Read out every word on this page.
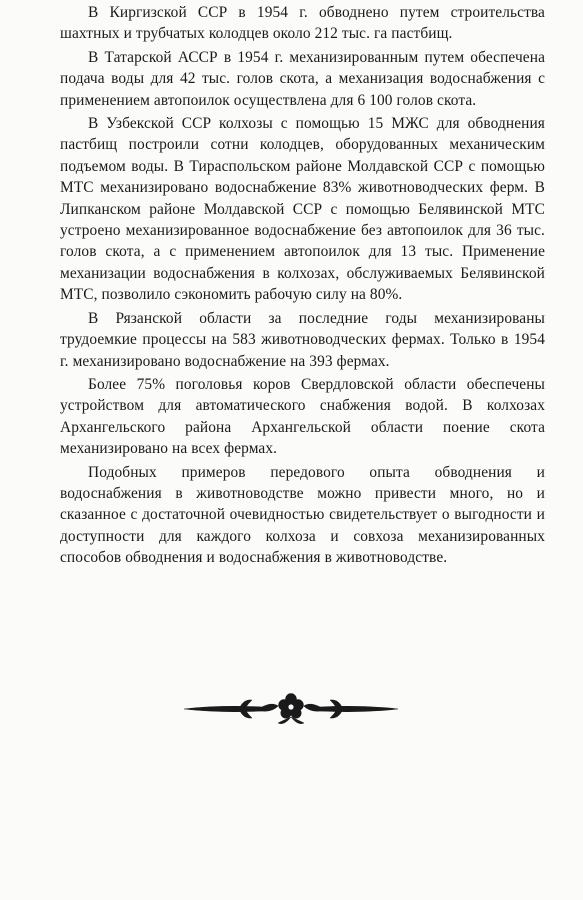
В Киргизской ССР в 1954 г. обводнено путем строительства шахтных и трубчатых колодцев около 212 тыс. га пастбищ.

В Татарской АССР в 1954 г. механизированным путем обеспечена подача воды для 42 тыс. голов скота, а механизация водоснабжения с применением автопоилок осуществлена для 6 100 голов скота.

В Узбекской ССР колхозы с помощью 15 МЖС для обводнения пастбищ построили сотни колодцев, оборудованных механическим подъемом воды. В Тираспольском районе Молдавской ССР с помощью МТС механизировано водоснабжение 83% животноводческих ферм. В Липканском районе Молдавской ССР с помощью Белявинской МТС устроено механизированное водоснабжение без автопоилок для 36 тыс. голов скота, а с применением автопоилок для 13 тыс. Применение механизации водоснабжения в колхозах, обслуживаемых Белявинской МТС, позволило сэкономить рабочую силу на 80%.

В Рязанской области за последние годы механизированы трудоемкие процессы на 583 животноводческих фермах. Только в 1954 г. механизировано водоснабжение на 393 фермах.

Более 75% поголовья коров Свердловской области обеспечены устройством для автоматического снабжения водой. В колхозах Архангельского района Архангельской области поение скота механизировано на всех фермах.

Подобных примеров передового опыта обводнения и водоснабжения в животноводстве можно привести много, но и сказанное с достаточной очевидностью свидетельствует о выгодности и доступности для каждого колхоза и совхоза механизированных способов обводнения и водоснабжения в животноводстве.
